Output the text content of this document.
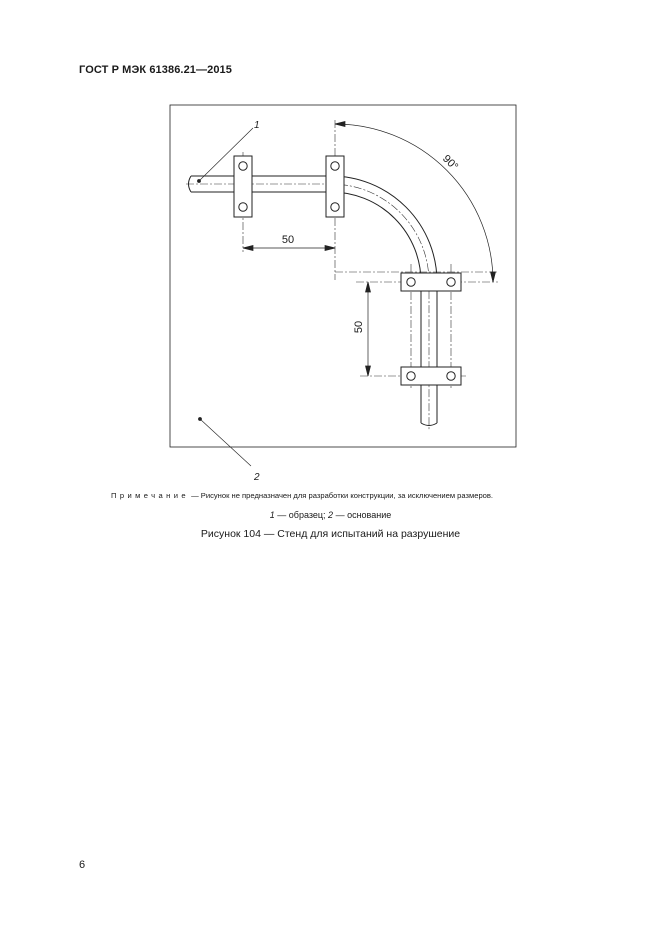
ГОСТ Р МЭК 61386.21—2015
50
50
90°
1
2
Примечание — Рисунок не предназначен для разработки конструкции, за исключением размеров.
1 — образец; 2 — основание
Рисунок 104 — Стенд для испытаний на разрушение
6
